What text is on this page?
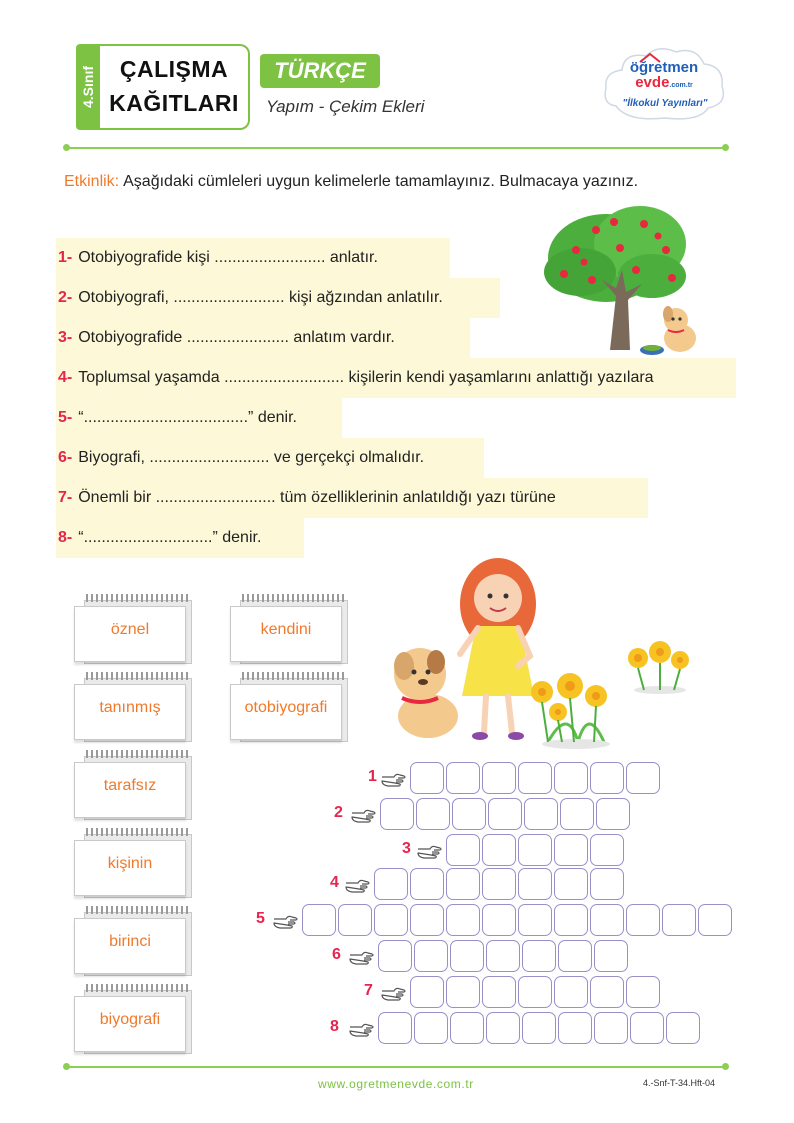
4.Sınıf	ÇALIŞMA
KAĞITLARI
TÜRKÇE
Yapım - Çekim Ekleri
öğretmen
evde.com.tr
"İlkokul Yayınları"
Etkinlik: Aşağıdaki cümleleri uygun kelimelerle tamamlayınız. Bulmacaya yazınız.
1- Otobiyografide kişi ......................... anlatır.
2- Otobiyografi, ......................... kişi ağzından anlatılır.
3- Otobiyografide ....................... anlatım vardır.
4- Toplumsal yaşamda ........................... kişilerin kendi yaşamlarını anlattığı yazılara
5- “.....................................” denir.
6- Biyografi, ........................... ve gerçekçi olmalıdır.
7- Önemli bir ........................... tüm özelliklerinin anlatıldığı yazı türüne
8- “.............................” denir.
öznel	kendini
tanınmış	otobiyografi
tarafsız
kişinin
birinci
biyografi
1
2
3
4
5
6
7
8
www.ogretmenevde.com.tr	4.-Snf-T-34.Hft-04
